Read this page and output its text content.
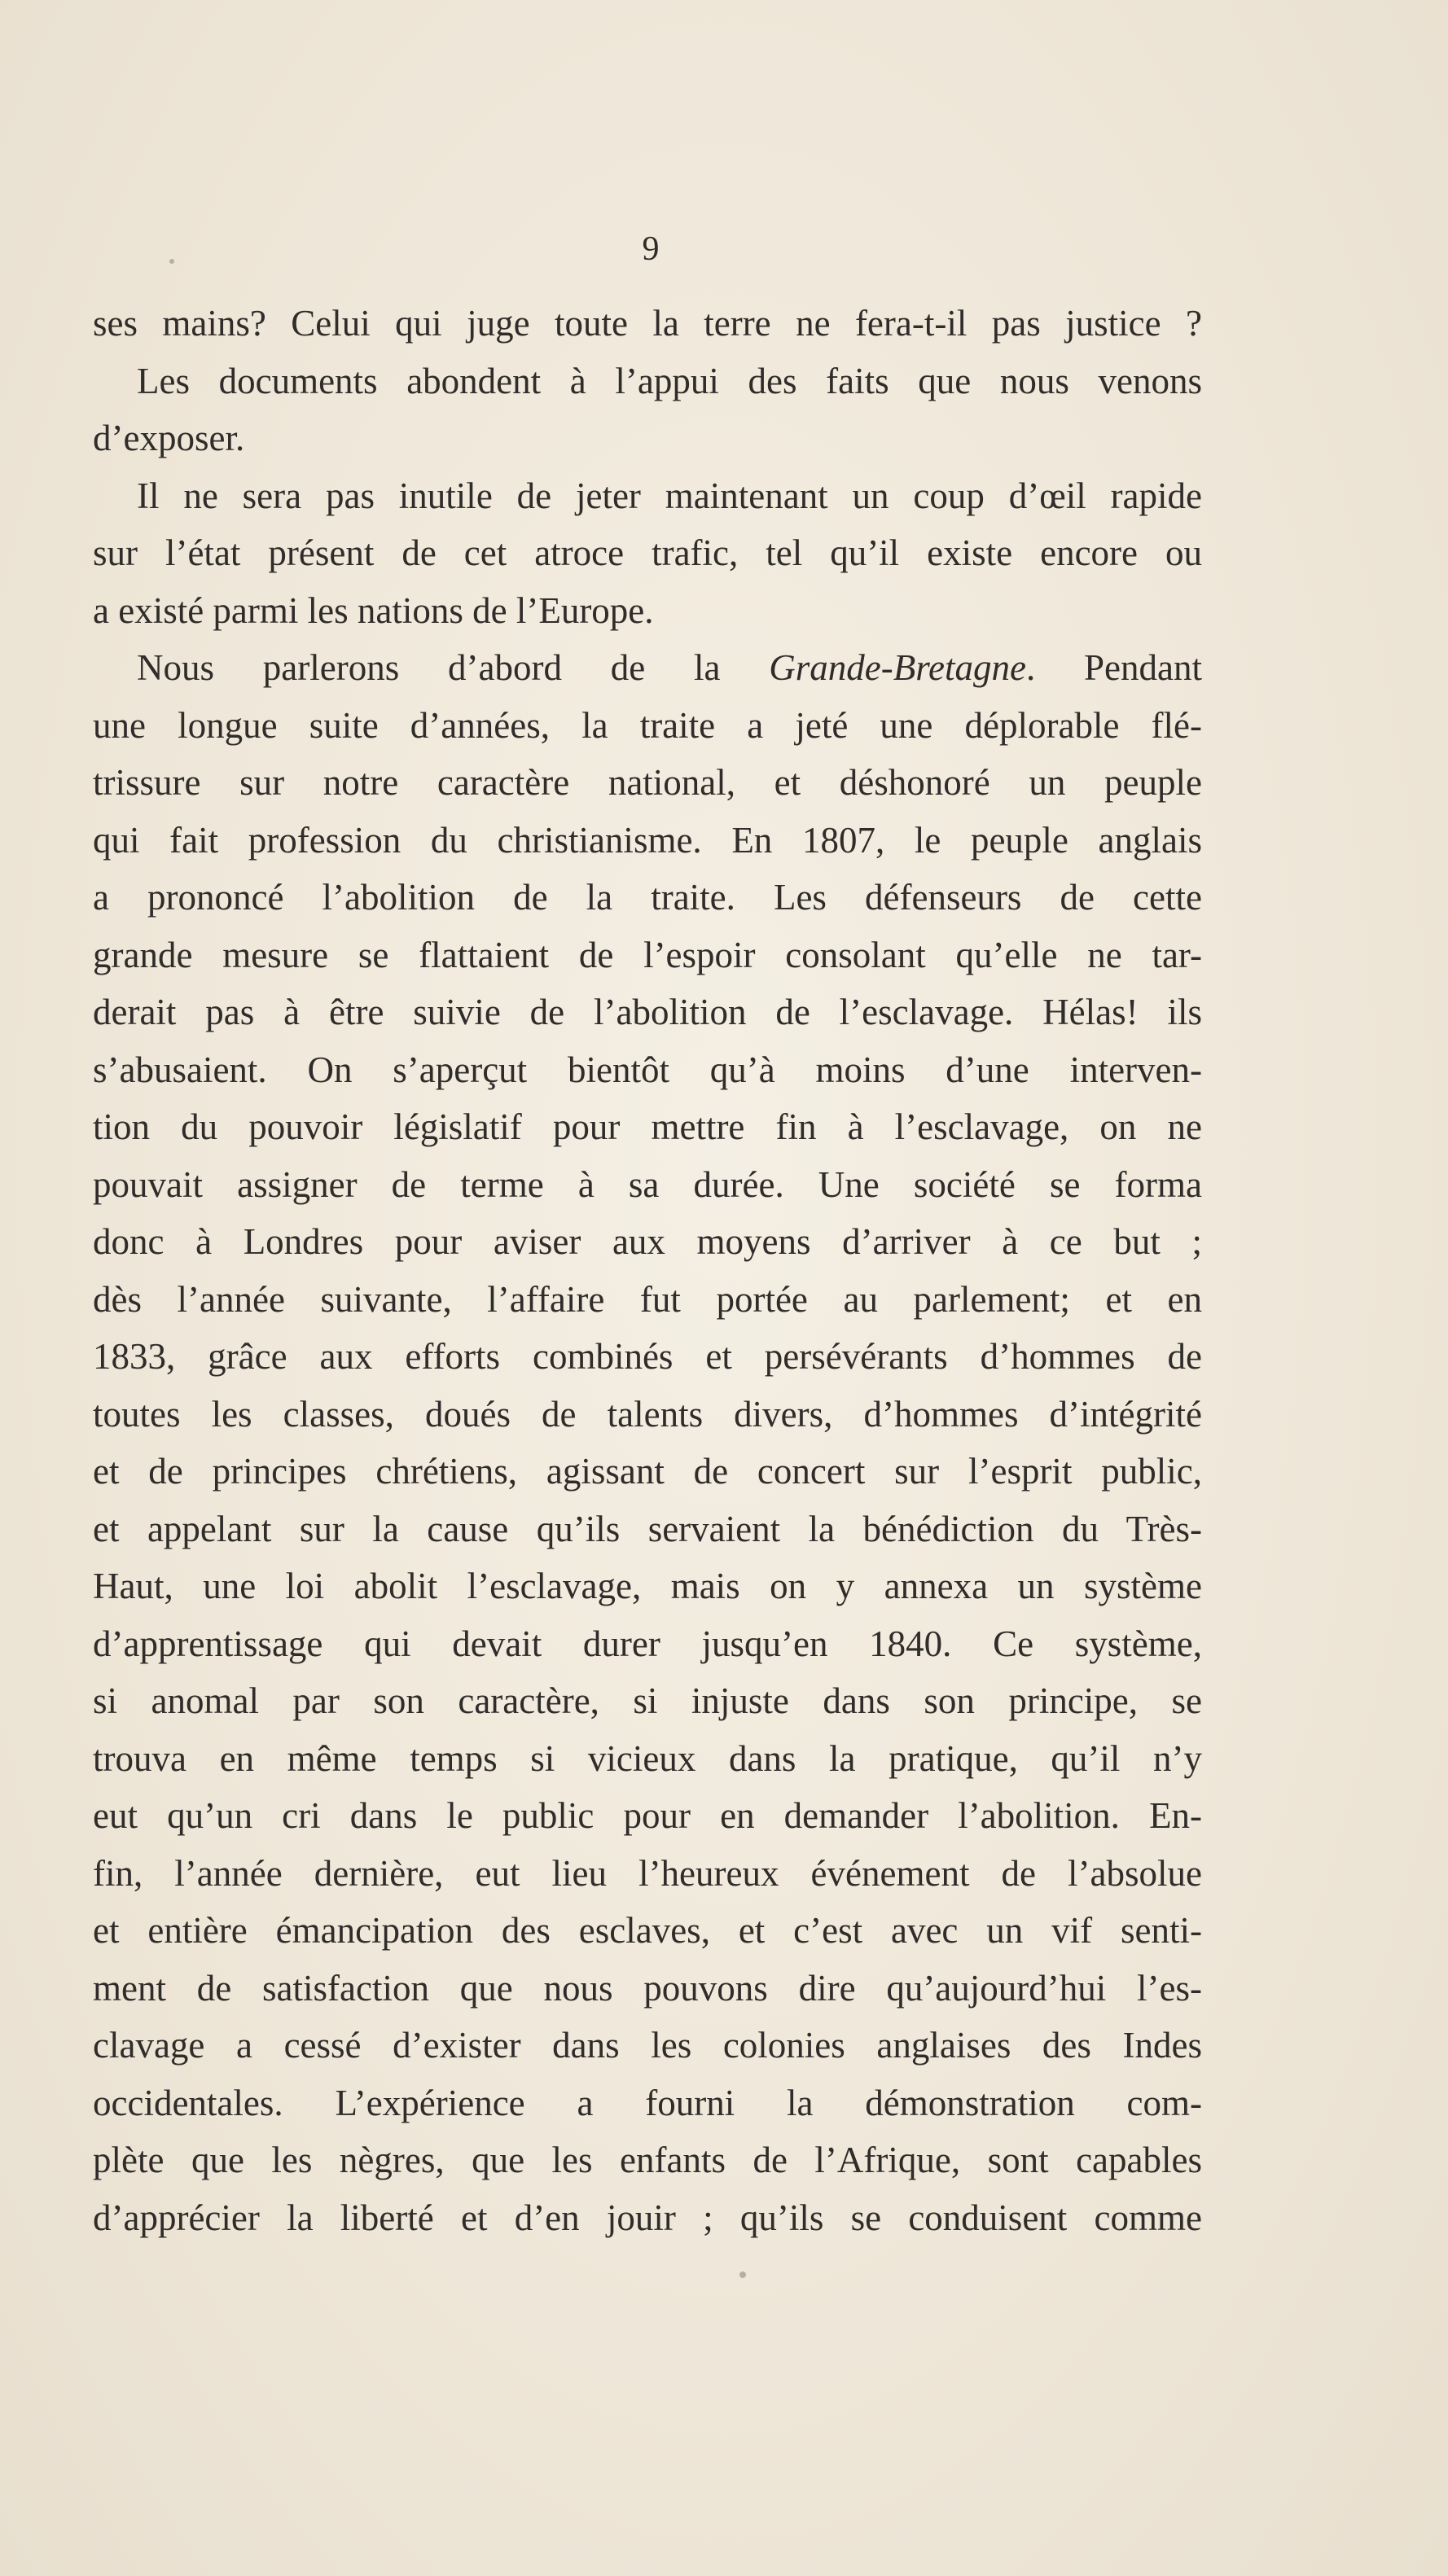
9
ses mains? Celui qui juge toute la terre ne fera-t-il pas justice ?
Les documents abondent à l’appui des faits que nous venons
d’exposer.
Il ne sera pas inutile de jeter maintenant un coup d’œil rapide
sur l’état présent de cet atroce trafic, tel qu’il existe encore ou
a existé parmi les nations de l’Europe.
Nous parlerons d’abord de la Grande-Bretagne. Pendant
une longue suite d’années, la traite a jeté une déplorable flé-
trissure sur notre caractère national, et déshonoré un peuple
qui fait profession du christianisme. En 1807, le peuple anglais
a prononcé l’abolition de la traite. Les défenseurs de cette
grande mesure se flattaient de l’espoir consolant qu’elle ne tar-
derait pas à être suivie de l’abolition de l’esclavage. Hélas! ils
s’abusaient. On s’aperçut bientôt qu’à moins d’une interven-
tion du pouvoir législatif pour mettre fin à l’esclavage, on ne
pouvait assigner de terme à sa durée. Une société se forma
donc à Londres pour aviser aux moyens d’arriver à ce but ;
dès l’année suivante, l’affaire fut portée au parlement; et en
1833, grâce aux efforts combinés et persévérants d’hommes de
toutes les classes, doués de talents divers, d’hommes d’intégrité
et de principes chrétiens, agissant de concert sur l’esprit public,
et appelant sur la cause qu’ils servaient la bénédiction du Très-
Haut, une loi abolit l’esclavage, mais on y annexa un système
d’apprentissage qui devait durer jusqu’en 1840. Ce système,
si anomal par son caractère, si injuste dans son principe, se
trouva en même temps si vicieux dans la pratique, qu’il n’y
eut qu’un cri dans le public pour en demander l’abolition. En-
fin, l’année dernière, eut lieu l’heureux événement de l’absolue
et entière émancipation des esclaves, et c’est avec un vif senti-
ment de satisfaction que nous pouvons dire qu’aujourd’hui l’es-
clavage a cessé d’exister dans les colonies anglaises des Indes
occidentales. L’expérience a fourni la démonstration com-
plète que les nègres, que les enfants de l’Afrique, sont capables
d’apprécier la liberté et d’en jouir ; qu’ils se conduisent comme
